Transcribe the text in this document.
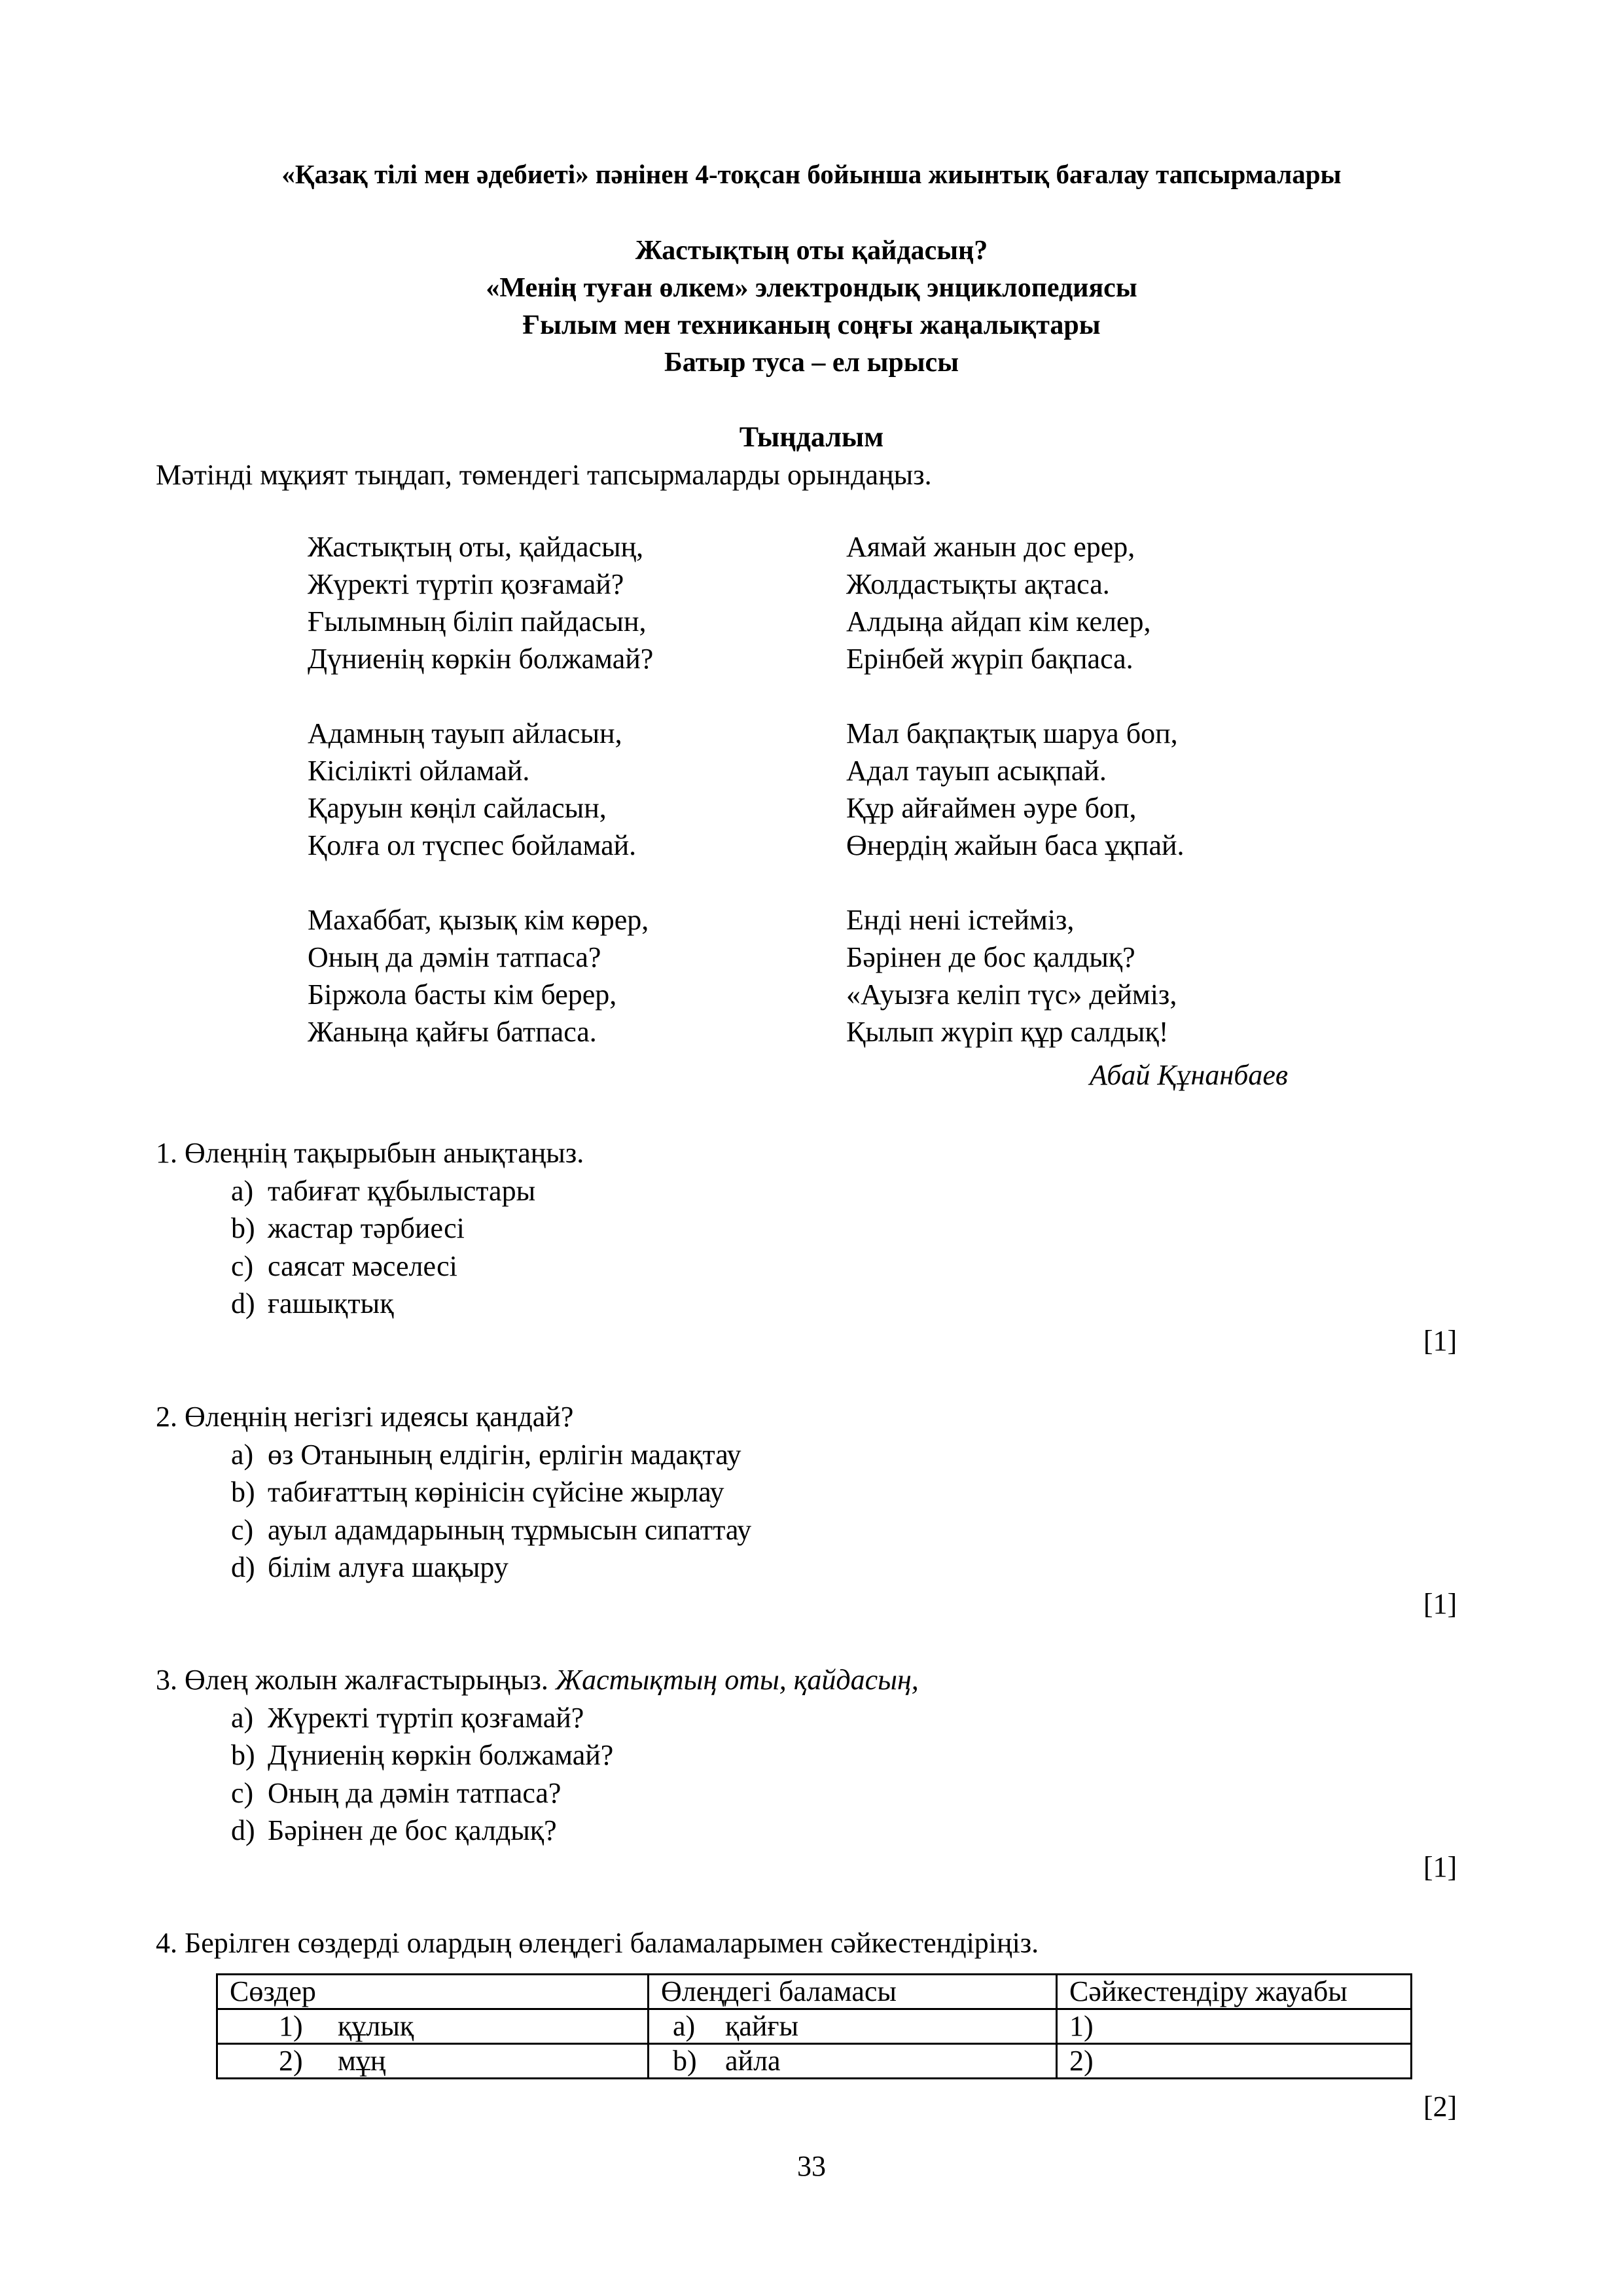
«Қазақ тілі мен әдебиеті» пәнінен 4-тоқсан бойынша жиынтық бағалау тапсырмалары
Жастықтың оты қайдасың?
«Менің туған өлкем» электрондық энциклопедиясы
Ғылым мен техниканың соңғы жаңалықтары
Батыр туса – ел ырысы
Тыңдалым
Мәтінді мұқият тыңдап, төмендегі тапсырмаларды орындаңыз.
Жастықтың оты, қайдасың,
Жүректі түртіп қозғамай?
Ғылымның біліп пайдасын,
Дүниенің көркін болжамай?
Адамның тауып айласын,
Кісілікті ойламай.
Қаруын көңіл сайласын,
Қолға ол түспес бойламай.
Махаббат, қызық кім көрер,
Оның да дәмін татпаса?
Біржола басты кім берер,
Жаныңа қайғы батпаса.
Аямай жанын дос ерер,
Жолдастықты ақтаса.
Алдыңа айдап кім келер,
Ерінбей жүріп бақпаса.
Мал бақпақтық шаруа боп,
Адал тауып асықпай.
Құр айғаймен әуре боп,
Өнердің жайын баса ұқпай.
Енді нені істейміз,
Бәрінен де бос қалдық?
«Ауызға келіп түс» дейміз,
Қылып жүріп құр салдық!
Абай Құнанбаев
1. Өлеңнің тақырыбын анықтаңыз.
a) табиғат құбылыстары
b) жастар тәрбиесі
c) саясат мәселесі
d) ғашықтық
[1]
2. Өлеңнің негізгі идеясы қандай?
a) өз Отанының елдігін, ерлігін мадақтау
b) табиғаттың көрінісін сүйсіне жырлау
c) ауыл адамдарының тұрмысын сипаттау
d) білім алуға шақыру
[1]
3. Өлең жолын жалғастырыңыз. Жастықтың оты, қайдасың,
a) Жүректі түртіп қозғамай?
b) Дүниенің көркін болжамай?
c) Оның да дәмін татпаса?
d) Бәрінен де бос қалдық?
[1]
4. Берілген сөздерді олардың өлеңдегі баламаларымен сәйкестендіріңіз.
Сөздер	Өлеңдегі баламасы	Сәйкестендіру жауабы
1) құлық	a) қайғы	1)
2) мұң	b) айла	2)
[2]
33
